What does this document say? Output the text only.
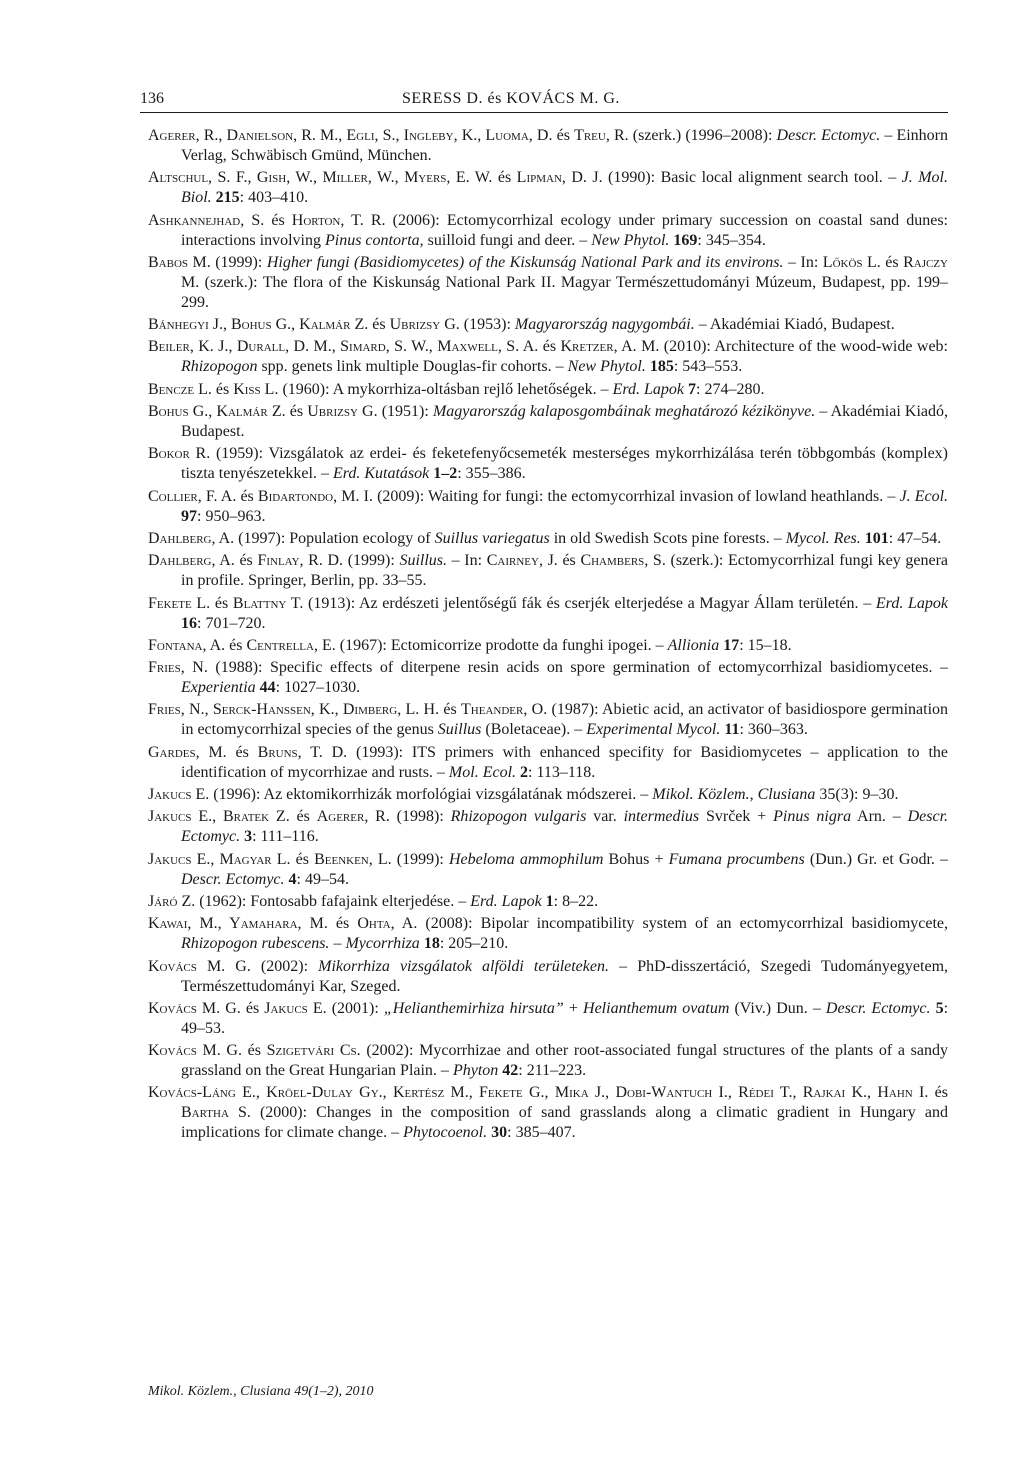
136	SERESS D. és KOVÁCS M. G.

Agerer, R., Danielson, R. M., Egli, S., Ingleby, K., Luoma, D. és Treu, R. (szerk.) (1996–2008): Descr. Ectomyc. – Einhorn Verlag, Schwäbisch Gmünd, München.

Altschul, S. F., Gish, W., Miller, W., Myers, E. W. és Lipman, D. J. (1990): Basic local alignment search tool. – J. Mol. Biol. 215: 403–410.

Ashkannejhad, S. és Horton, T. R. (2006): Ectomycorrhizal ecology under primary succession on coastal sand dunes: interactions involving Pinus contorta, suilloid fungi and deer. – New Phytol. 169: 345–354.

Babos M. (1999): Higher fungi (Basidiomycetes) of the Kiskunság National Park and its environs. – In: Lőkös L. és Rajczy M. (szerk.): The flora of the Kiskunság National Park II. Magyar Természettudományi Múzeum, Budapest, pp. 199–299.

Bánhegyi J., Bohus G., Kalmár Z. és Ubrizsy G. (1953): Magyarország nagygombái. – Akadémiai Kiadó, Budapest.

Beiler, K. J., Durall, D. M., Simard, S. W., Maxwell, S. A. és Kretzer, A. M. (2010): Architecture of the wood-wide web: Rhizopogon spp. genets link multiple Douglas-fir cohorts. – New Phytol. 185: 543–553.

Bencze L. és Kiss L. (1960): A mykorrhiza-oltásban rejlő lehetőségek. – Erd. Lapok 7: 274–280.

Bohus G., Kalmár Z. és Ubrizsy G. (1951): Magyarország kalaposgombáinak meghatározó kézikönyve. – Akadémiai Kiadó, Budapest.

Bokor R. (1959): Vizsgálatok az erdei- és feketefenyőcsemeték mesterséges mykorrhizálása terén többgombás (komplex) tiszta tenyészetekkel. – Erd. Kutatások 1–2: 355–386.

Collier, F. A. és Bidartondo, M. I. (2009): Waiting for fungi: the ectomycorrhizal invasion of lowland heathlands. – J. Ecol. 97: 950–963.

Dahlberg, A. (1997): Population ecology of Suillus variegatus in old Swedish Scots pine forests. – Mycol. Res. 101: 47–54.

Dahlberg, A. és Finlay, R. D. (1999): Suillus. – In: Cairney, J. és Chambers, S. (szerk.): Ectomycorrhizal fungi key genera in profile. Springer, Berlin, pp. 33–55.

Fekete L. és Blattny T. (1913): Az erdészeti jelentőségű fák és cserjék elterjedése a Magyar Állam területén. – Erd. Lapok 16: 701–720.

Fontana, A. és Centrella, E. (1967): Ectomicorrize prodotte da funghi ipogei. – Allionia 17: 15–18.

Fries, N. (1988): Specific effects of diterpene resin acids on spore germination of ectomycorrhizal basidiomycetes. – Experientia 44: 1027–1030.

Fries, N., Serck-Hanssen, K., Dimberg, L. H. és Theander, O. (1987): Abietic acid, an activator of basidiospore germination in ectomycorrhizal species of the genus Suillus (Boletaceae). – Experimental Mycol. 11: 360–363.

Gardes, M. és Bruns, T. D. (1993): ITS primers with enhanced specifity for Basidiomycetes – application to the identification of mycorrhizae and rusts. – Mol. Ecol. 2: 113–118.

Jakucs E. (1996): Az ektomikorrhizák morfológiai vizsgálatának módszerei. – Mikol. Közlem., Clusiana 35(3): 9–30.

Jakucs E., Bratek Z. és Agerer, R. (1998): Rhizopogon vulgaris var. intermedius Svrček + Pinus nigra Arn. – Descr. Ectomyc. 3: 111–116.

Jakucs E., Magyar L. és Beenken, L. (1999): Hebeloma ammophilum Bohus + Fumana procumbens (Dun.) Gr. et Godr. – Descr. Ectomyc. 4: 49–54.

Járó Z. (1962): Fontosabb fafajaink elterjedése. – Erd. Lapok 1: 8–22.

Kawai, M., Yamahara, M. és Ohta, A. (2008): Bipolar incompatibility system of an ectomycorrhizal basidiomycete, Rhizopogon rubescens. – Mycorrhiza 18: 205–210.

Kovács M. G. (2002): Mikorrhiza vizsgálatok alföldi területeken. – PhD-disszertáció, Szegedi Tudományegyetem, Természettudományi Kar, Szeged.

Kovács M. G. és Jakucs E. (2001): „Helianthemirhiza hirsuta” + Helianthemum ovatum (Viv.) Dun. – Descr. Ectomyc. 5: 49–53.

Kovács M. G. és Szigetvári Cs. (2002): Mycorrhizae and other root-associated fungal structures of the plants of a sandy grassland on the Great Hungarian Plain. – Phyton 42: 211–223.

Kovács-Láng E., Kröel-Dulay Gy., Kertész M., Fekete G., Mika J., Dobi-Wantuch I., Rédei T., Rajkai K., Hahn I. és Bartha S. (2000): Changes in the composition of sand grasslands along a climatic gradient in Hungary and implications for climate change. – Phytocoenol. 30: 385–407.

Mikol. Közlem., Clusiana 49(1–2), 2010
